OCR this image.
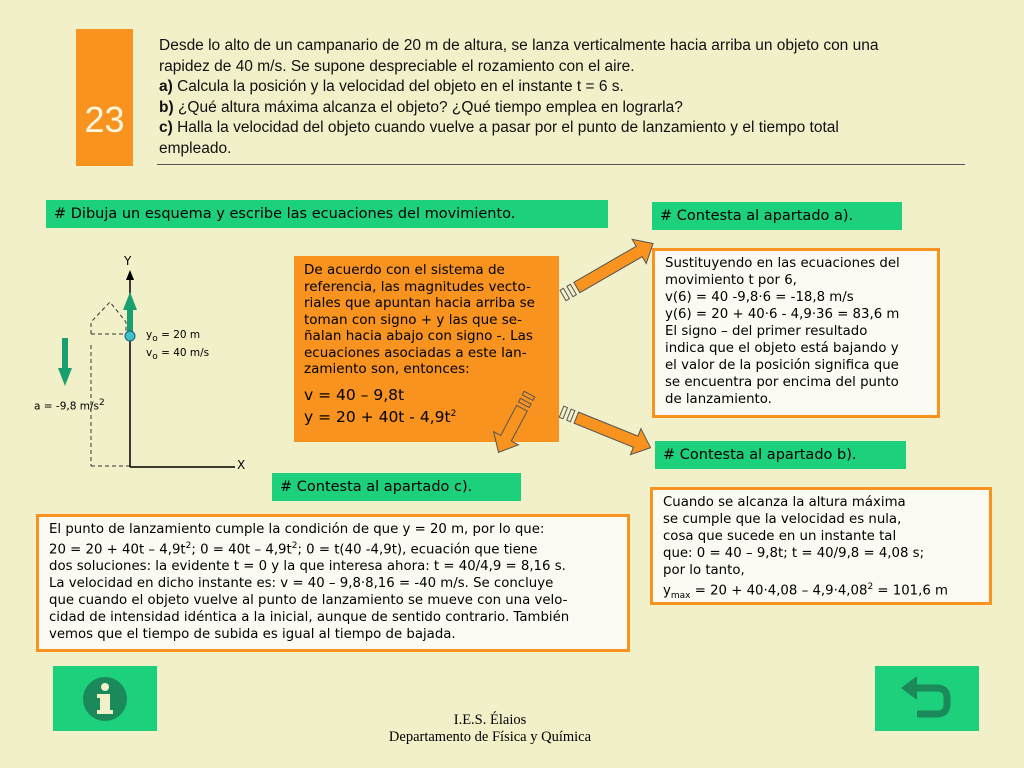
23

Desde lo alto de un campanario de 20 m de altura, se lanza verticalmente hacia arriba un objeto con una

rapidez de 40 m/s. Se supone despreciable el rozamiento con el aire.

a) Calcula la posición y la velocidad del objeto en el instante t = 6 s.

b) ¿Qué altura máxima alcanza el objeto? ¿Qué tiempo emplea en lograrla?

c) Halla la velocidad del objeto cuando vuelve a pasar por el punto de lanzamiento y el tiempo total

empleado.

# Dibuja un esquema y escribe las ecuaciones del movimiento.	# Contesta al apartado a).
# Contesta al apartado b).
# Contesta al apartado c).
Y
X
$y_o = 20$ m
$v_o = 40$ m/s
a = -9,8 $m/s^2$

De acuerdo con el sistema de

referencia, las magnitudes vecto-

riales que apuntan hacia arriba se

toman con signo + y las que se-

ñalan hacia abajo con signo -. Las

ecuaciones asociadas a este lan-

zamiento son, entonces:

v = 40 – 9,8t
$y = 20 + 40t - 4,9t^2$

Sustituyendo en las ecuaciones del

movimiento t por 6,

v(6) = 40 -9,8·6 = -18,8 m/s

y(6) = 20 + 40·6 - 4,9·36 = 83,6 m

El signo – del primer resultado

indica que el objeto está bajando y

el valor de la posición significa que

se encuentra por encima del punto

de lanzamiento.

Cuando se alcanza la altura máxima

se cumple que la velocidad es nula,

cosa que sucede en un instante tal

que: 0 = 40 – 9,8t; t = 40/9,8 = 4,08 s;

por lo tanto,

$y_{max} = 20 + 40\cdot 4,08 - 4,9\cdot 4,08^2 = 101,6$ m

El punto de lanzamiento cumple la condición de que y = 20 m, por lo que:

$20 = 20 + 40t - 4,9t^2$; $0 = 40t - 4,9t^2$; 0 = t(40 -4,9t), ecuación que tiene

dos soluciones: la evidente t = 0 y la que interesa ahora: t = 40/4,9 = 8,16 s.

La velocidad en dicho instante es: v = 40 – 9,8·8,16 = -40 m/s. Se concluye

que cuando el objeto vuelve al punto de lanzamiento se mueve con una velo-

cidad de intensidad idéntica a la inicial, aunque de sentido contrario. También

vemos que el tiempo de subida es igual al tiempo de bajada.

I.E.S. Élaios
Departamento de Física y Química
